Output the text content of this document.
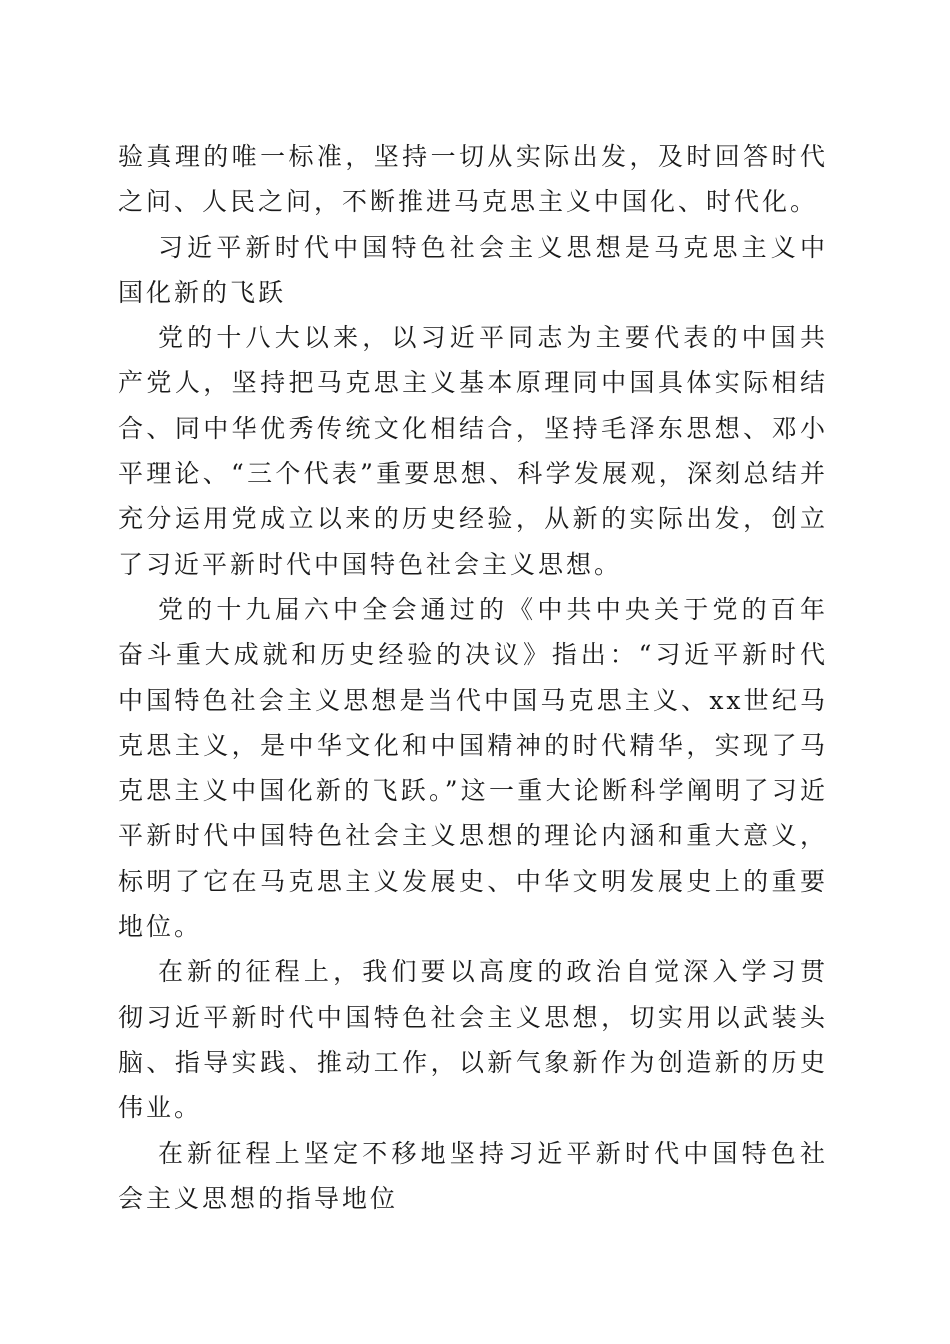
验真理的唯一标准，坚持一切从实际出发，及时回答时代之问、人民之问，不断推进马克思主义中国化、时代化。

习近平新时代中国特色社会主义思想是马克思主义中国化新的飞跃

党的十八大以来，以习近平同志为主要代表的中国共产党人，坚持把马克思主义基本原理同中国具体实际相结合、同中华优秀传统文化相结合，坚持毛泽东思想、邓小平理论、“三个代表”重要思想、科学发展观，深刻总结并充分运用党成立以来的历史经验，从新的实际出发，创立了习近平新时代中国特色社会主义思想。

党的十九届六中全会通过的《中共中央关于党的百年奋斗重大成就和历史经验的决议》指出：“习近平新时代中国特色社会主义思想是当代中国马克思主义、xx世纪马克思主义，是中华文化和中国精神的时代精华，实现了马克思主义中国化新的飞跃。”这一重大论断科学阐明了习近平新时代中国特色社会主义思想的理论内涵和重大意义，标明了它在马克思主义发展史、中华文明发展史上的重要地位。

在新的征程上，我们要以高度的政治自觉深入学习贯彻习近平新时代中国特色社会主义思想，切实用以武装头脑、指导实践、推动工作，以新气象新作为创造新的历史伟业。

在新征程上坚定不移地坚持习近平新时代中国特色社会主义思想的指导地位
